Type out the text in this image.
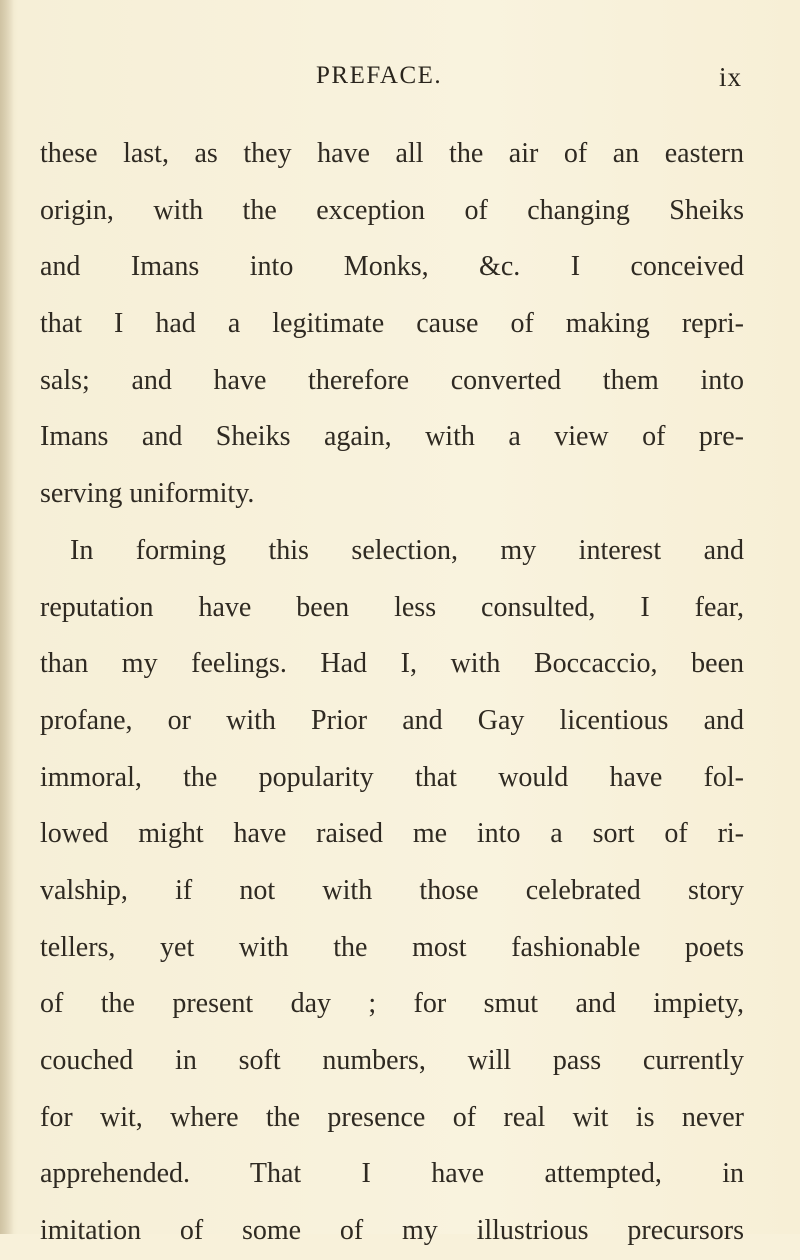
PREFACE.	ix
these last, as they have all the air of an eastern
origin, with the exception of changing Sheiks
and Imans into Monks, &c. I conceived
that I had a legitimate cause of making repri-
sals; and have therefore converted them into
Imans and Sheiks again, with a view of pre-
serving uniformity.
In forming this selection, my interest and
reputation have been less consulted, I fear,
than my feelings. Had I, with Boccaccio, been
profane, or with Prior and Gay licentious and
immoral, the popularity that would have fol-
lowed might have raised me into a sort of ri-
valship, if not with those celebrated story
tellers, yet with the most fashionable poets
of the present day ; for smut and impiety,
couched in soft numbers, will pass currently
for wit, where the presence of real wit is never
apprehended. That I have attempted, in
imitation of some of my illustrious precursors
